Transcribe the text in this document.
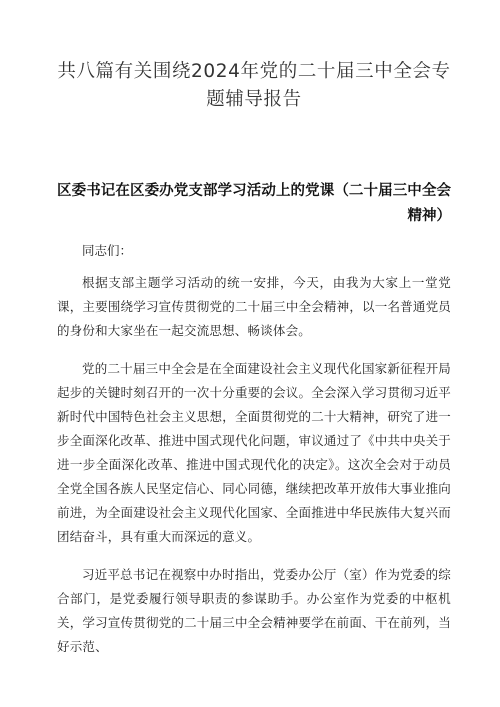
共八篇有关围绕2024年党的二十届三中全会专题辅导报告
区委书记在区委办党支部学习活动上的党课（二十届三中全会精神）

同志们：

根据支部主题学习活动的统一安排，今天，由我为大家上一堂党课，主要围绕学习宣传贯彻党的二十届三中全会精神，以一名普通党员的身份和大家坐在一起交流思想、畅谈体会。

党的二十届三中全会是在全面建设社会主义现代化国家新征程开局起步的关键时刻召开的一次十分重要的会议。全会深入学习贯彻习近平新时代中国特色社会主义思想，全面贯彻党的二十大精神，研究了进一步全面深化改革、推进中国式现代化问题，审议通过了《中共中央关于进一步全面深化改革、推进中国式现代化的决定》。这次全会对于动员全党全国各族人民坚定信心、同心同德，继续把改革开放伟大事业推向前进，为全面建设社会主义现代化国家、全面推进中华民族伟大复兴而团结奋斗，具有重大而深远的意义。

习近平总书记在视察中办时指出，党委办公厅（室）作为党委的综合部门，是党委履行领导职责的参谋助手。办公室作为党委的中枢机关，学习宣传贯彻党的二十届三中全会精神要学在前面、干在前列，当好示范、
